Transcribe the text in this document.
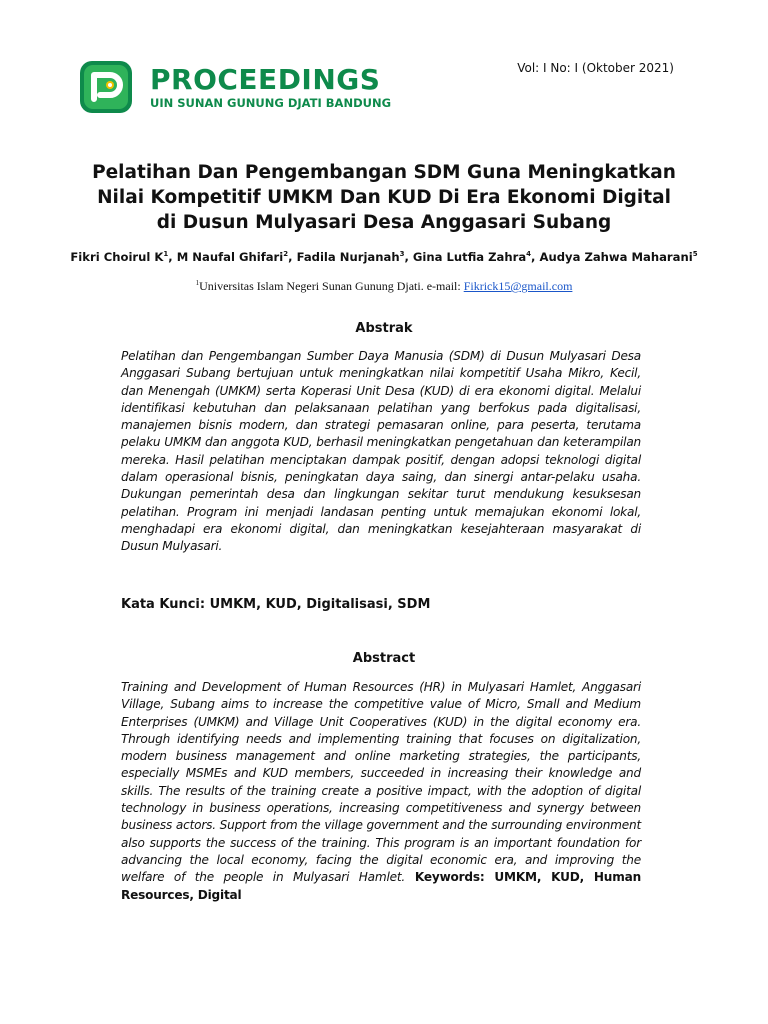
PROCEEDINGS
UIN SUNAN GUNUNG DJATI BANDUNG
Vol: I No: I (Oktober 2021)
Pelatihan Dan Pengembangan SDM Guna Meningkatkan
Nilai Kompetitif UMKM Dan KUD Di Era Ekonomi Digital
di Dusun Mulyasari Desa Anggasari Subang
Fikri Choirul $K^1$, M Naufal Ghifari$^2$, Fadila Nurjanah$^3$, Gina Lutfia Zahra$^4$, Audya Zahwa Maharani$^5$
$^1$Universitas Islam Negeri Sunan Gunung Djati. e-mail: Fikrick15@gmail.com
Abstrak
Pelatihan dan Pengembangan Sumber Daya Manusia (SDM) di Dusun Mulyasari Desa Anggasari Subang bertujuan untuk meningkatkan nilai kompetitif Usaha Mikro, Kecil, dan Menengah (UMKM) serta Koperasi Unit Desa (KUD) di era ekonomi digital. Melalui identifikasi kebutuhan dan pelaksanaan pelatihan yang berfokus pada digitalisasi, manajemen bisnis modern, dan strategi pemasaran online, para peserta, terutama pelaku UMKM dan anggota KUD, berhasil meningkatkan pengetahuan dan keterampilan mereka. Hasil pelatihan menciptakan dampak positif, dengan adopsi teknologi digital dalam operasional bisnis, peningkatan daya saing, dan sinergi antar-pelaku usaha. Dukungan pemerintah desa dan lingkungan sekitar turut mendukung kesuksesan pelatihan. Program ini menjadi landasan penting untuk memajukan ekonomi lokal, menghadapi era ekonomi digital, dan meningkatkan kesejahteraan masyarakat di Dusun Mulyasari.
Kata Kunci: UMKM, KUD, Digitalisasi, SDM
Abstract
Training and Development of Human Resources (HR) in Mulyasari Hamlet, Anggasari Village, Subang aims to increase the competitive value of Micro, Small and Medium Enterprises (UMKM) and Village Unit Cooperatives (KUD) in the digital economy era. Through identifying needs and implementing training that focuses on digitalization, modern business management and online marketing strategies, the participants, especially MSMEs and KUD members, succeeded in increasing their knowledge and skills. The results of the training create a positive impact, with the adoption of digital technology in business operations, increasing competitiveness and synergy between business actors. Support from the village government and the surrounding environment also supports the success of the training. This program is an important foundation for advancing the local economy, facing the digital economic era, and improving the welfare of the people in Mulyasari Hamlet. Keywords: UMKM, KUD, Human Resources, Digital
